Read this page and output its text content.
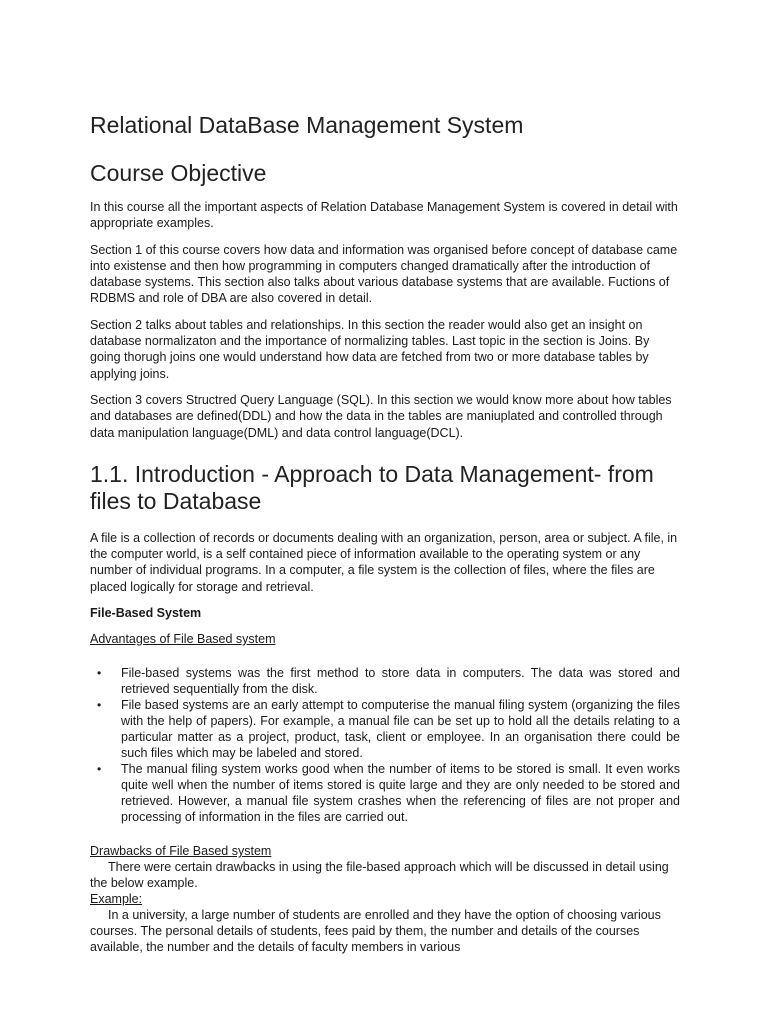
Relational DataBase Management System
Course Objective

In this course all the important aspects of Relation Database Management System is covered in detail with appropriate examples.

Section 1 of this course covers how data and information was organised before concept of database came into existense and then how programming in computers changed dramatically after the introduction of database systems. This section also talks about various database systems that are available. Fuctions of RDBMS and role of DBA are also covered in detail.

Section 2 talks about tables and relationships. In this section the reader would also get an insight on database normalizaton and the importance of normalizing tables. Last topic in the section is Joins. By going thorugh joins one would understand how data are fetched from two or more database tables by applying joins.

Section 3 covers Structred Query Language (SQL). In this section we would know more about how tables and databases are defined(DDL) and how the data in the tables are maniuplated and controlled through data manipulation language(DML) and data control language(DCL).

1.1. Introduction - Approach to Data Management- from files to Database

A file is a collection of records or documents dealing with an organization, person, area or subject. A file, in the computer world, is a self contained piece of information available to the operating system or any number of individual programs. In a computer, a file system is the collection of files, where the files are placed logically for storage and retrieval.

File-Based System
Advantages of File Based system
• File-based systems was the first method to store data in computers. The data was stored and retrieved sequentially from the disk.
• File based systems are an early attempt to computerise the manual filing system (organizing the files with the help of papers). For example, a manual file can be set up to hold all the details relating to a particular matter as a project, product, task, client or employee. In an organisation there could be such files which may be labeled and stored.
• The manual filing system works good when the number of items to be stored is small. It even works quite well when the number of items stored is quite large and they are only needed to be stored and retrieved. However, a manual file system crashes when the referencing of files are not proper and processing of information in the files are carried out.
Drawbacks of File Based system
There were certain drawbacks in using the file-based approach which will be discussed in detail using the below example.
Example:
In a university, a large number of students are enrolled and they have the option of choosing various courses. The personal details of students, fees paid by them, the number and details of the courses available, the number and the details of faculty members in various
